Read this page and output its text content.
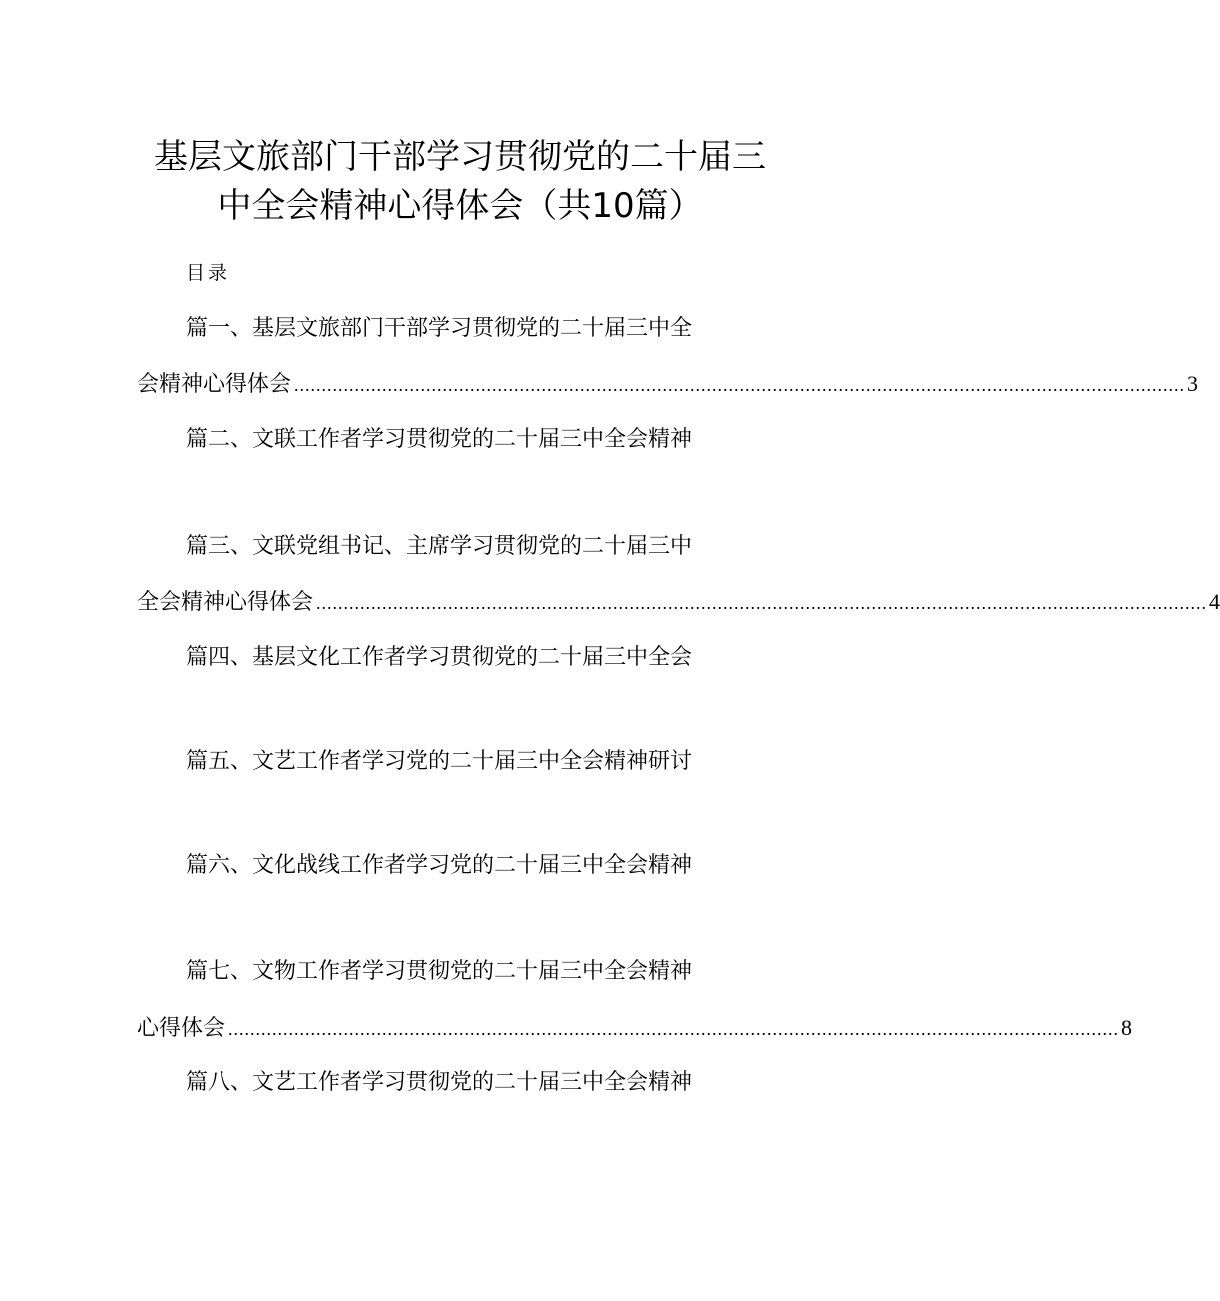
基层文旅部门干部学习贯彻党的二十届三
中全会精神心得体会（共10篇）
目录
篇一、基层文旅部门干部学习贯彻党的二十届三中全
会精神心得体会 .................................................................................................................................................................. 3
篇二、文联工作者学习贯彻党的二十届三中全会精神
篇三、文联党组书记、主席学习贯彻党的二十届三中
全会精神心得体会 .................................................................................................................................................................. 4
篇四、基层文化工作者学习贯彻党的二十届三中全会
篇五、文艺工作者学习党的二十届三中全会精神研讨
篇六、文化战线工作者学习党的二十届三中全会精神
篇七、文物工作者学习贯彻党的二十届三中全会精神
心得体会 .................................................................................................................................................................. 8
篇八、文艺工作者学习贯彻党的二十届三中全会精神
